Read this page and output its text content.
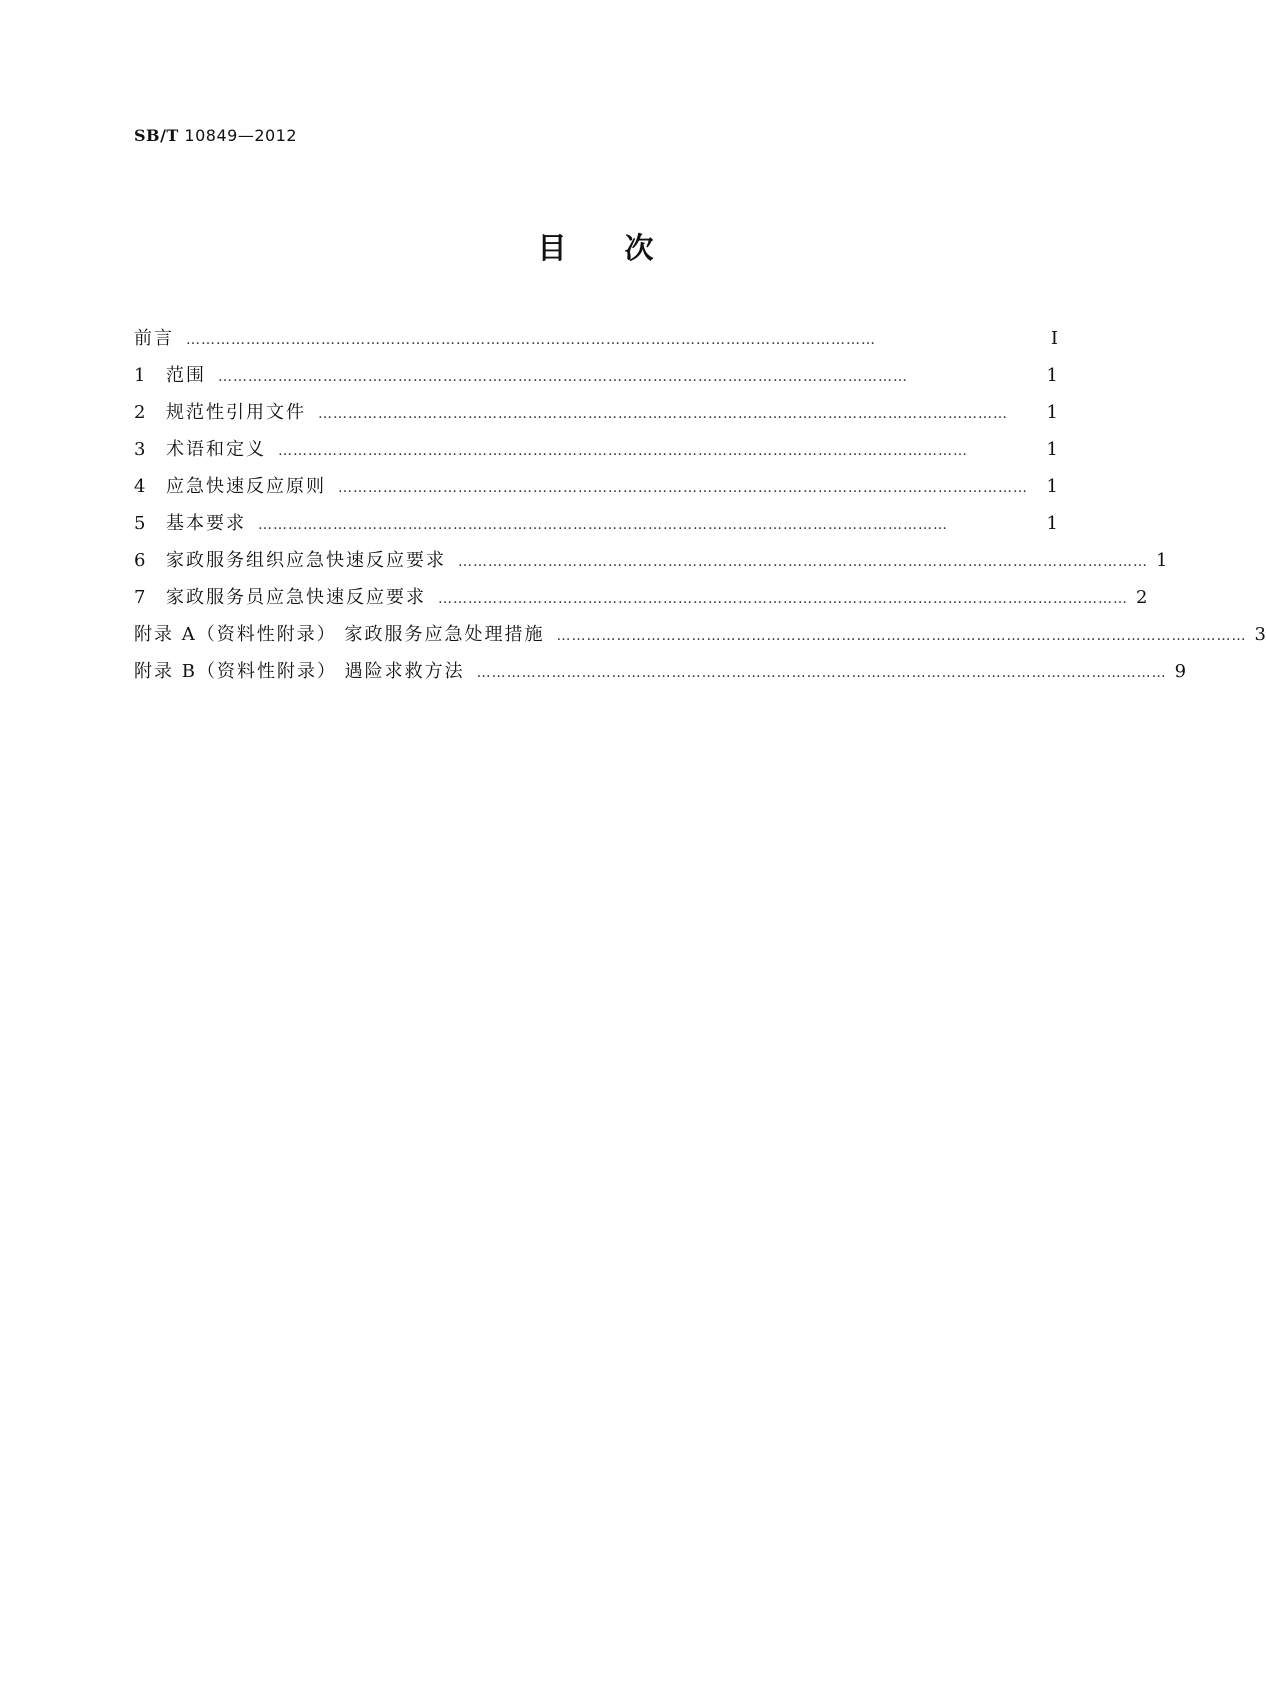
SB/T 10849—2012
目次
前言 …………………………………………………………………………………………………………………………	Ⅰ
1	范围 …………………………………………………………………………………………………………………………	1
2	规范性引用文件 …………………………………………………………………………………………………………………………	1
3	术语和定义 …………………………………………………………………………………………………………………………	1
4	应急快速反应原则 …………………………………………………………………………………………………………………………	1
5	基本要求 …………………………………………………………………………………………………………………………	1
6	家政服务组织应急快速反应要求 ………………………………………………………………………………………………………………………… 1
7	家政服务员应急快速反应要求 ………………………………………………………………………………………………………………………… 2
附录 A（资料性附录） 家政服务应急处理措施 ………………………………………………………………………………………………………………………… 3
附录 B（资料性附录） 遇险求救方法 ………………………………………………………………………………………………………………………… 9
